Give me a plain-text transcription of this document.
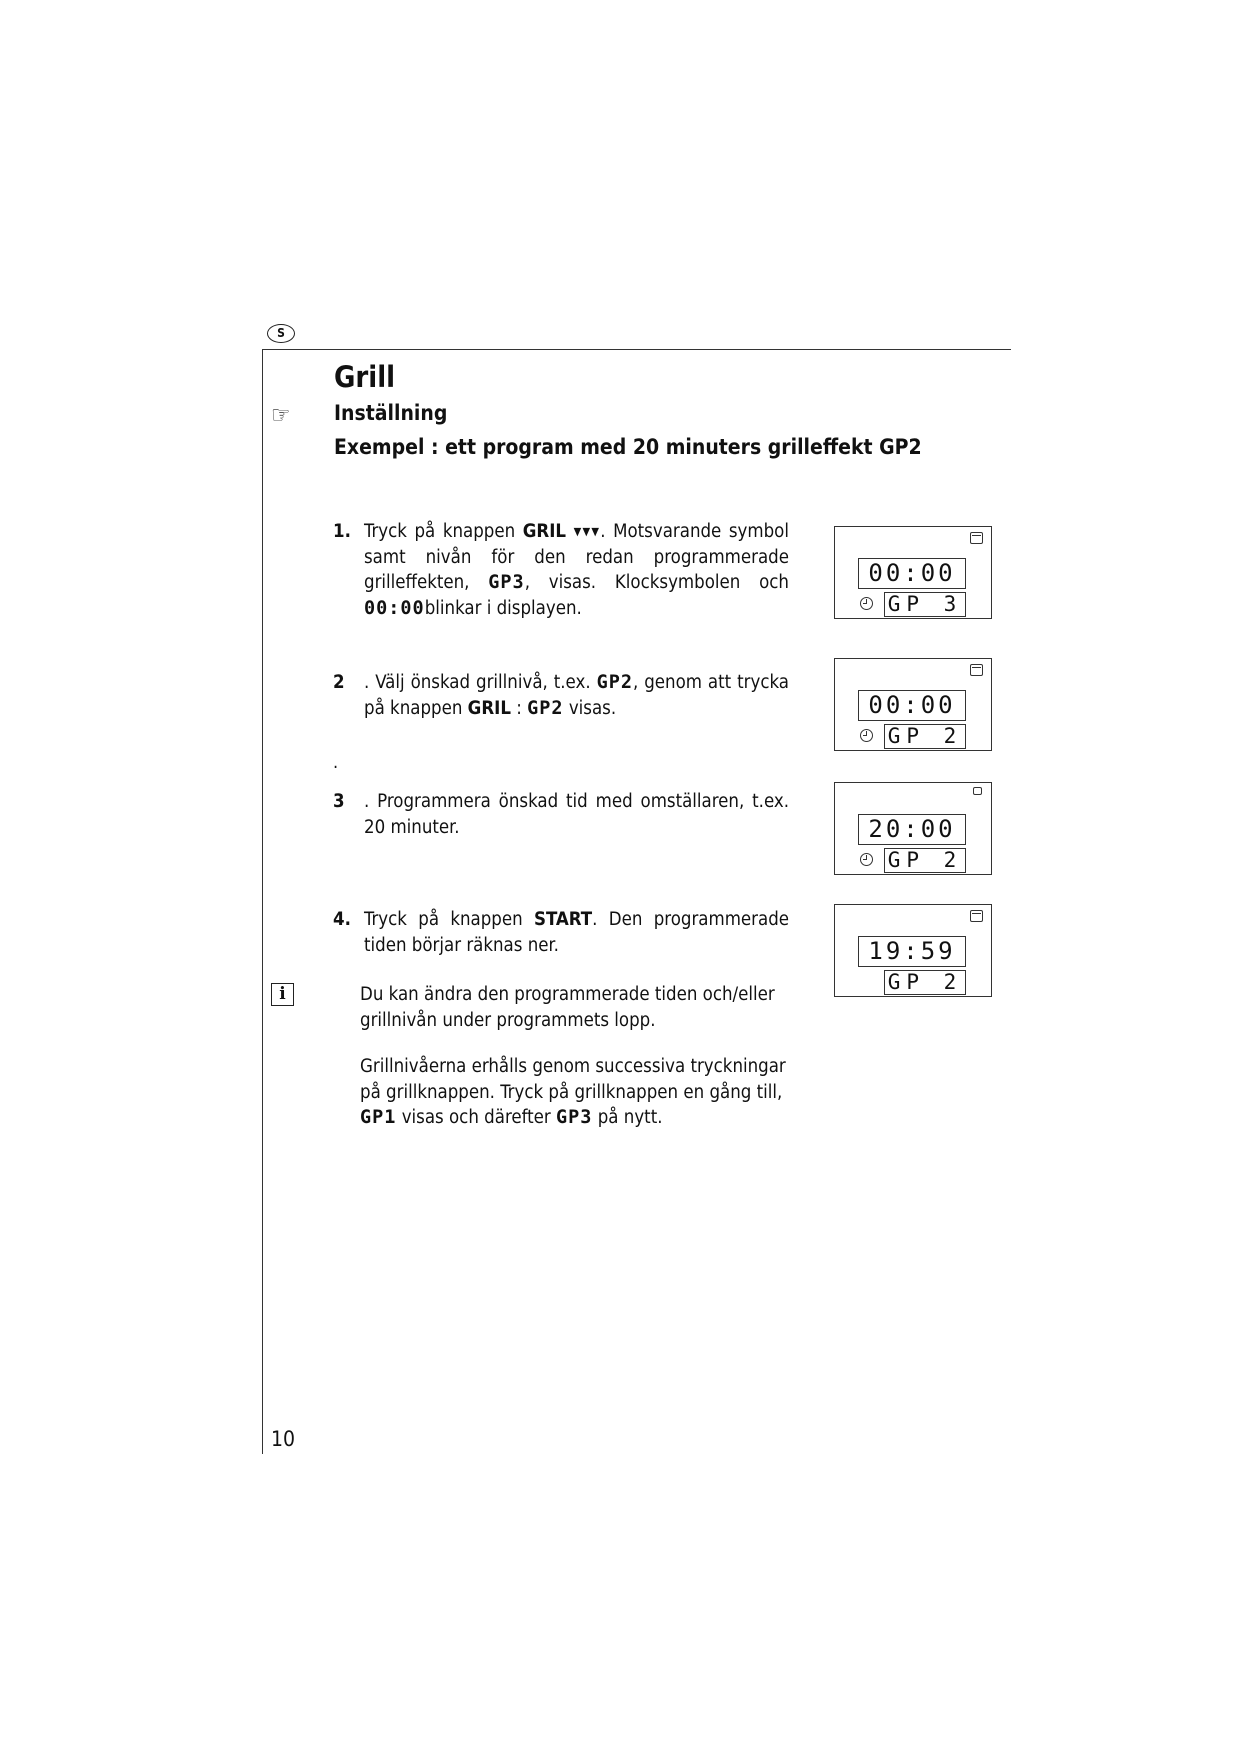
S
Grill
☞ Inställning
Exempel : ett program med 20 minuters grilleffekt GP2
1. Tryck på knappen GRIL ▼▼▼. Motsvarande symbol samt nivån för den redan programmerade grilleffekten, GP3, visas. Klocksymbolen och 00:00blinkar i displayen.
2 . Välj önskad grillnivå, t.ex. GP2, genom att trycka på knappen GRIL : GP2 visas.
.
3 . Programmera önskad tid med omställaren, t.ex. 20 minuter.
4. Tryck på knappen START. Den programmerade tiden börjar räknas ner.
i	Du kan ändra den programmerade tiden och/eller grillnivån under programmets lopp.
Grillnivåerna erhålls genom successiva tryckningar på grillknappen. Tryck på grillknappen en gång till, GP1 visas och därefter GP3 på nytt.
00:00
GP 3
00:00
GP 2
20:00
GP 2
19:59
GP 2
10
